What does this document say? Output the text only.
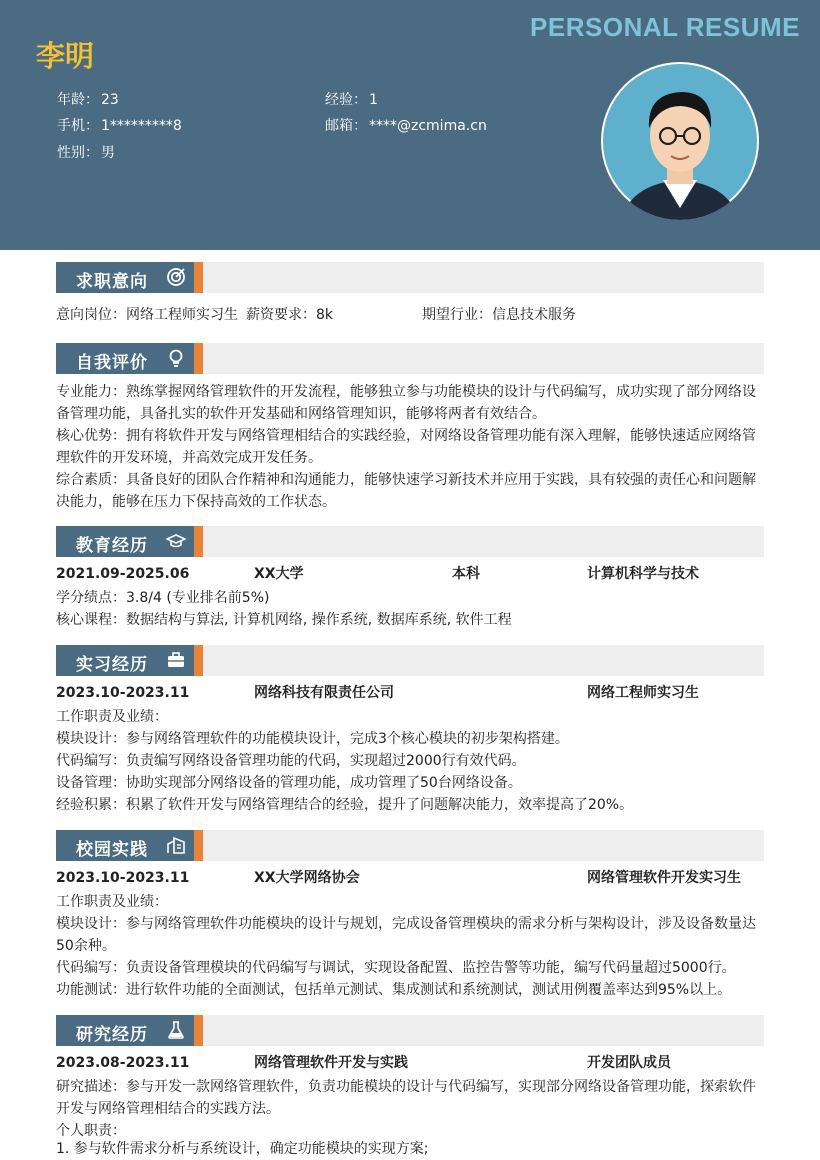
PERSONAL RESUME
李明
年龄： 23	经验： 1
手机： 1*********8	邮箱： ****@zcmima.cn
性别： 男
求职意向
意向岗位：网络工程师实习生 薪资要求：8k	期望行业：信息技术服务
自我评价
专业能力：熟练掌握网络管理软件的开发流程，能够独立参与功能模块的设计与代码编写，成功实现了部分网络设
备管理功能，具备扎实的软件开发基础和网络管理知识，能够将两者有效结合。
核心优势：拥有将软件开发与网络管理相结合的实践经验，对网络设备管理功能有深入理解，能够快速适应网络管
理软件的开发环境，并高效完成开发任务。
综合素质：具备良好的团队合作精神和沟通能力，能够快速学习新技术并应用于实践，具有较强的责任心和问题解
决能力，能够在压力下保持高效的工作状态。
教育经历
2021.09-2025.06	XX大学	本科	计算机科学与技术
学分绩点：3.8/4 (专业排名前5%)
核心课程：数据结构与算法, 计算机网络, 操作系统, 数据库系统, 软件工程
实习经历
2023.10-2023.11	网络科技有限责任公司	网络工程师实习生
工作职责及业绩：
模块设计：参与网络管理软件的功能模块设计，完成3个核心模块的初步架构搭建。
代码编写：负责编写网络设备管理功能的代码，实现超过2000行有效代码。
设备管理：协助实现部分网络设备的管理功能，成功管理了50台网络设备。
经验积累：积累了软件开发与网络管理结合的经验，提升了问题解决能力，效率提高了20%。
校园实践
2023.10-2023.11	XX大学网络协会	网络管理软件开发实习生
工作职责及业绩：
模块设计：参与网络管理软件功能模块的设计与规划，完成设备管理模块的需求分析与架构设计，涉及设备数量达
50余种。
代码编写：负责设备管理模块的代码编写与调试，实现设备配置、监控告警等功能，编写代码量超过5000行。
功能测试：进行软件功能的全面测试，包括单元测试、集成测试和系统测试，测试用例覆盖率达到95%以上。
研究经历
2023.08-2023.11	网络管理软件开发与实践	开发团队成员
研究描述：参与开发一款网络管理软件，负责功能模块的设计与代码编写，实现部分网络设备管理功能，探索软件
开发与网络管理相结合的实践方法。
个人职责：
1. 参与软件需求分析与系统设计，确定功能模块的实现方案;
